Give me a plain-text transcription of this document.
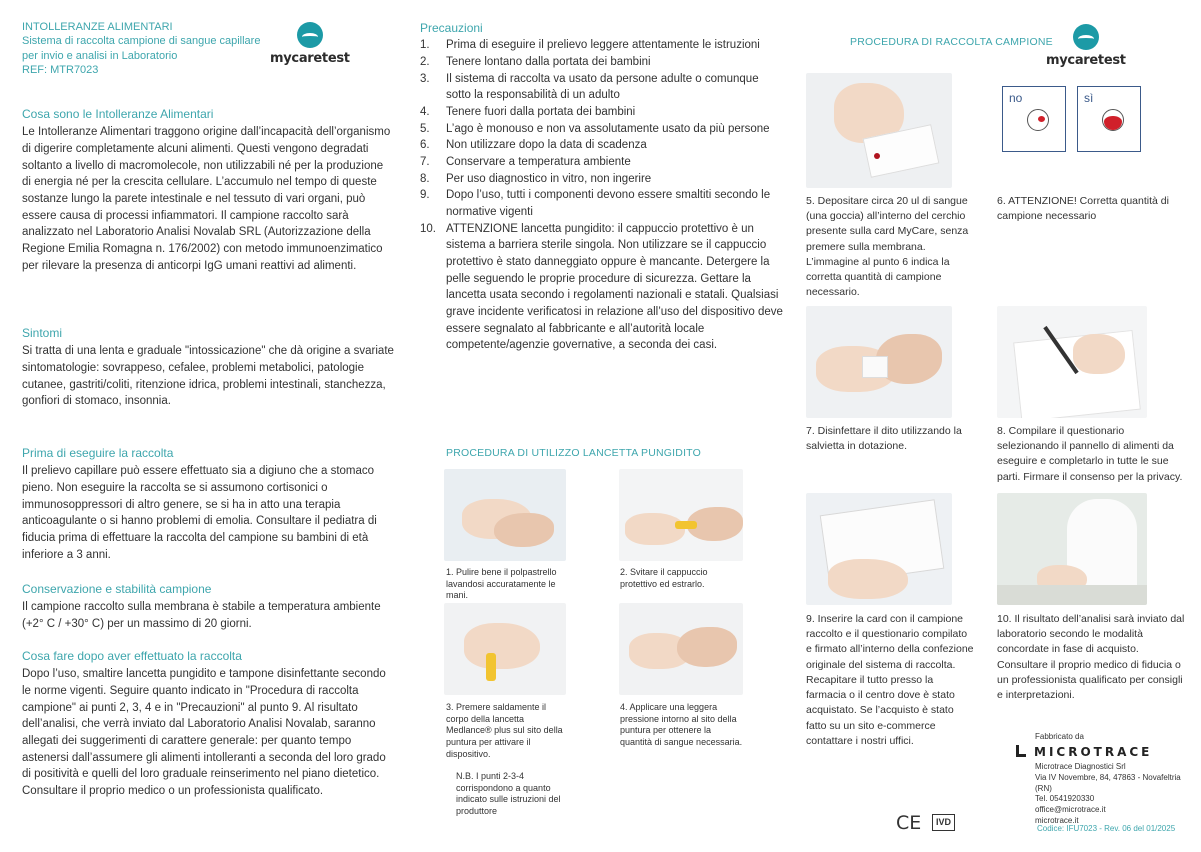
INTOLLERANZE ALIMENTARI
Sistema di raccolta campione di sangue capillare
per invio e analisi in Laboratorio
REF: MTR7023
mycaretest
Cosa sono le Intolleranze Alimentari

Le Intolleranze Alimentari traggono origine dall’incapacità dell’organismo di digerire completamente alcuni alimenti. Questi vengono degradati soltanto a livello di macromolecole, non utilizzabili né per la produzione di energia né per la crescita cellulare. L’accumulo nel tempo di queste sostanze lungo la parete intestinale e nel tessuto di vari organi, può essere causa di processi infiammatori. Il campione raccolto sarà analizzato nel Laboratorio Analisi Novalab SRL (Autorizzazione della Regione Emilia Romagna n. 176/2002) con metodo immunoenzimatico per rilevare la presenza di anticorpi IgG umani reattivi ad alimenti.

Sintomi

Si tratta di una lenta e graduale "intossicazione" che dà origine a svariate sintomatologie: sovrappeso, cefalee, problemi metabolici, patologie cutanee, gastriti/coliti, ritenzione idrica, problemi intestinali, stanchezza, gonfiori di stomaco, insonnia.

Prima di eseguire la raccolta

Il prelievo capillare può essere effettuato sia a digiuno che a stomaco pieno. Non eseguire la raccolta se si assumono cortisonici o immunosoppressori di altro genere, se si ha in atto una terapia anticoagulante o si hanno problemi di emolia. Consultare il pediatra di fiducia prima di effettuare la raccolta del campione su bambini di età inferiore a 3 anni.

Conservazione e stabilità campione

Il campione raccolto sulla membrana è stabile a temperatura ambiente (+2° C / +30° C) per un massimo di 20 giorni.

Cosa fare dopo aver effettuato la raccolta

Dopo l’uso, smaltire lancetta pungidito e tampone disinfettante secondo le norme vigenti. Seguire quanto indicato in "Procedura di raccolta campione" ai punti 2, 3, 4 e in "Precauzioni" al punto 9. Al risultato dell’analisi, che verrà inviato dal Laboratorio Analisi Novalab, saranno allegati dei suggerimenti di carattere generale: per quanto tempo astenersi dall’assumere gli alimenti intolleranti a seconda del loro grado di positività e quelli del loro graduale reinserimento nel piano dietetico. Consultare il proprio medico o un professionista qualificato.

Precauzioni
1.	Prima di eseguire il prelievo leggere attentamente le istruzioni
2.	Tenere lontano dalla portata dei bambini
3.	Il sistema di raccolta va usato da persone adulte o comunque sotto la responsabilità di un adulto
4.	Tenere fuori dalla portata dei bambini
5.	L’ago è monouso e non va assolutamente usato da più persone
6.	Non utilizzare dopo la data di scadenza
7.	Conservare a temperatura ambiente
8.	Per uso diagnostico in vitro, non ingerire
9.	Dopo l’uso, tutti i componenti devono essere smaltiti secondo le normative vigenti
10. ATTENZIONE lancetta pungidito: il cappuccio protettivo è un sistema a barriera sterile singola. Non utilizzare se il cappuccio protettivo è stato danneggiato oppure è mancante. Detergere la pelle seguendo le proprie procedure di sicurezza. Gettare la lancetta usata secondo i regolamenti nazionali e statali. Qualsiasi grave incidente verificatosi in relazione all’uso del dispositivo deve essere segnalato al fabbricante e all’autorità locale competente/agenzie governative, a seconda dei casi.
PROCEDURA DI UTILIZZO LANCETTA PUNGIDITO
1. Pulire bene il polpastrello lavandosi accuratamente le mani.
2. Svitare il cappuccio protettivo ed estrarlo.
3. Premere saldamente il corpo della lancetta Medlance® plus sul sito della puntura per attivare il dispositivo.
4. Applicare una leggera pressione intorno al sito della puntura per ottenere la quantità di sangue necessaria.
N.B. I punti 2-3-4 corrispondono a quanto indicato sulle istruzioni del produttore
PROCEDURA DI RACCOLTA CAMPIONE
mycaretest
5. Depositare circa 20 ul di sangue (una goccia) all’interno del cerchio presente sulla card MyCare, senza premere sulla membrana. L’immagine al punto 6 indica la corretta quantità di campione necessario.
no	sì
6. ATTENZIONE! Corretta quantità di campione necessario
7. Disinfettare il dito utilizzando la salvietta in dotazione.
8. Compilare il questionario selezionando il pannello di alimenti da eseguire e completarlo in tutte le sue parti. Firmare il consenso per la privacy.
9. Inserire la card con il campione raccolto e il questionario compilato e firmato all’interno della confezione originale del sistema di raccolta. Recapitare il tutto presso la farmacia o il centro dove è stato acquistato. Se l’acquisto è stato fatto su un sito e-commerce contattare i nostri uffici.
10. Il risultato dell’analisi sarà inviato dal laboratorio secondo le modalità concordate in fase di acquisto. Consultare il proprio medico di fiducia o un professionista qualificato per consigli e interpretazioni.
Fabbricato da
MICROTRACE
Microtrace Diagnostici Srl
Via IV Novembre, 84, 47863 - Novafeltria (RN)
Tel. 0541920330
office@microtrace.it
microtrace.it
CE	IVD
Codice: IFU7023 - Rev. 06 del 01/2025
